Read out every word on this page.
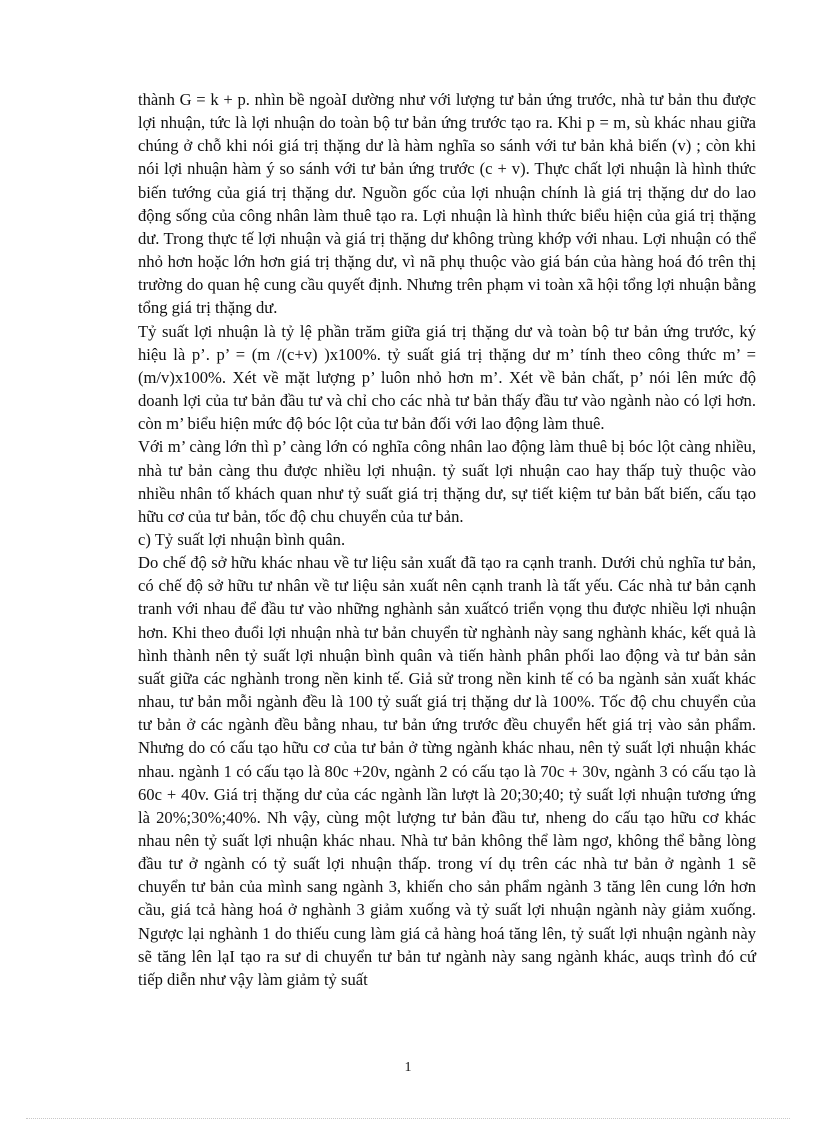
thành G = k + p. nhìn bề ngoàI dường như với lượng tư bản ứng trước, nhà tư bản thu được lợi nhuận, tức là lợi nhuận do toàn bộ tư bản ứng trước tạo ra. Khi p = m, sù khác nhau giữa chúng ở chỗ khi nói giá trị thặng dư là hàm nghĩa so sánh với tư bản khả biến (v) ; còn khi nói lợi nhuận hàm ý so sánh với tư bản ứng trước (c + v). Thực chất lợi nhuận là hình thức biến tướng của giá trị thặng dư. Nguồn gốc của lợi nhuận chính là giá trị thặng dư do lao động sống của công nhân làm thuê tạo ra. Lợi nhuận là hình thức biểu hiện của giá trị thặng dư. Trong thực tế lợi nhuận và giá trị thặng dư không trùng khớp với nhau. Lợi nhuận có thể nhỏ hơn hoặc lớn hơn giá trị thặng dư, vì nã phụ thuộc vào giá bán của hàng hoá đó trên thị trường do quan hệ cung cầu quyết định. Nhưng trên phạm vi toàn xã hội tổng lợi nhuận bằng tổng giá trị thặng dư.

Tỷ suất lợi nhuận là tỷ lệ phần trăm giữa giá trị thặng dư và toàn bộ tư bản ứng trước, ký hiệu là p’. p’ = (m /(c+v) )x100%. tỷ suất giá trị thặng dư m’ tính theo công thức m’ = (m/v)x100%. Xét về mặt lượng p’ luôn nhỏ hơn m’. Xét về bản chất, p’ nói lên mức độ doanh lợi của tư bản đầu tư và chỉ cho các nhà tư bản thấy đầu tư vào ngành nào có lợi hơn. còn m’ biểu hiện mức độ bóc lột của tư bản đối với lao động làm thuê.

Với m’ càng lớn thì p’ càng lớn có nghĩa công nhân lao động làm thuê bị bóc lột càng nhiều, nhà tư bản càng thu được nhiều lợi nhuận. tỷ suất lợi nhuận cao hay thấp tuỳ thuộc vào nhiều nhân tố khách quan như tỷ suất giá trị thặng dư, sự tiết kiệm tư bản bất biến, cấu tạo hữu cơ của tư bản, tốc độ chu chuyển của tư bản.

c) Tỷ suất lợi nhuận bình quân.

Do chế độ sở hữu khác nhau về tư liệu sản xuất đã tạo ra cạnh tranh. Dưới chủ nghĩa tư bản, có chế độ sở hữu tư nhân về tư liệu sản xuất nên cạnh tranh là tất yếu. Các nhà tư bản cạnh tranh với nhau để đầu tư vào những nghành sản xuấtcó triển vọng thu được nhiều lợi nhuận hơn. Khi theo đuổi lợi nhuận nhà tư bản chuyển từ nghành này sang nghành khác, kết quả là hình thành nên tỷ suất lợi nhuận bình quân và tiến hành phân phối lao động và tư bản sản suất giữa các nghành trong nền kinh tế. Giả sử trong nền kinh tế có ba ngành sản xuất khác nhau, tư bản mỗi ngành đều là 100 tỷ suất giá trị thặng dư là 100%. Tốc độ chu chuyển của tư bản ở các ngành đều bằng nhau, tư bản ứng trước đều chuyển hết giá trị vào sản phẩm. Nhưng do có cấu tạo hữu cơ của tư bản ở từng ngành khác nhau, nên tỷ suất lợi nhuận khác nhau. ngành 1 có cấu tạo là 80c +20v, ngành 2 có cấu tạo là 70c + 30v, ngành 3 có cấu tạo là 60c + 40v. Giá trị thặng dư của các ngành lần lượt là 20;30;40; tỷ suất lợi nhuận tương ứng là 20%;30%;40%. Nh vậy, cùng một lượng tư bản đầu tư, nheng do cấu tạo hữu cơ khác nhau nên tỷ suất lợi nhuận khác nhau. Nhà tư bản không thể làm ngơ, không thể bằng lòng đầu tư ở ngành có tỷ suất lợi nhuận thấp. trong ví dụ trên các nhà tư bản ở ngành 1 sẽ chuyển tư bản của mình sang ngành 3, khiến cho sản phẩm ngành 3 tăng lên cung lớn hơn cầu, giá tcả hàng hoá ở nghành 3 giảm xuống và tỷ suất lợi nhuận ngành này giảm xuống. Ngược lại nghành 1 do thiếu cung làm giá cả hàng hoá tăng lên, tỷ suất lợi nhuận ngành này sẽ tăng lên lạI tạo ra sư di chuyển tư bản tư ngành này sang ngành khác, auqs trình đó cứ tiếp diễn như vậy làm giảm tỷ suất

1
